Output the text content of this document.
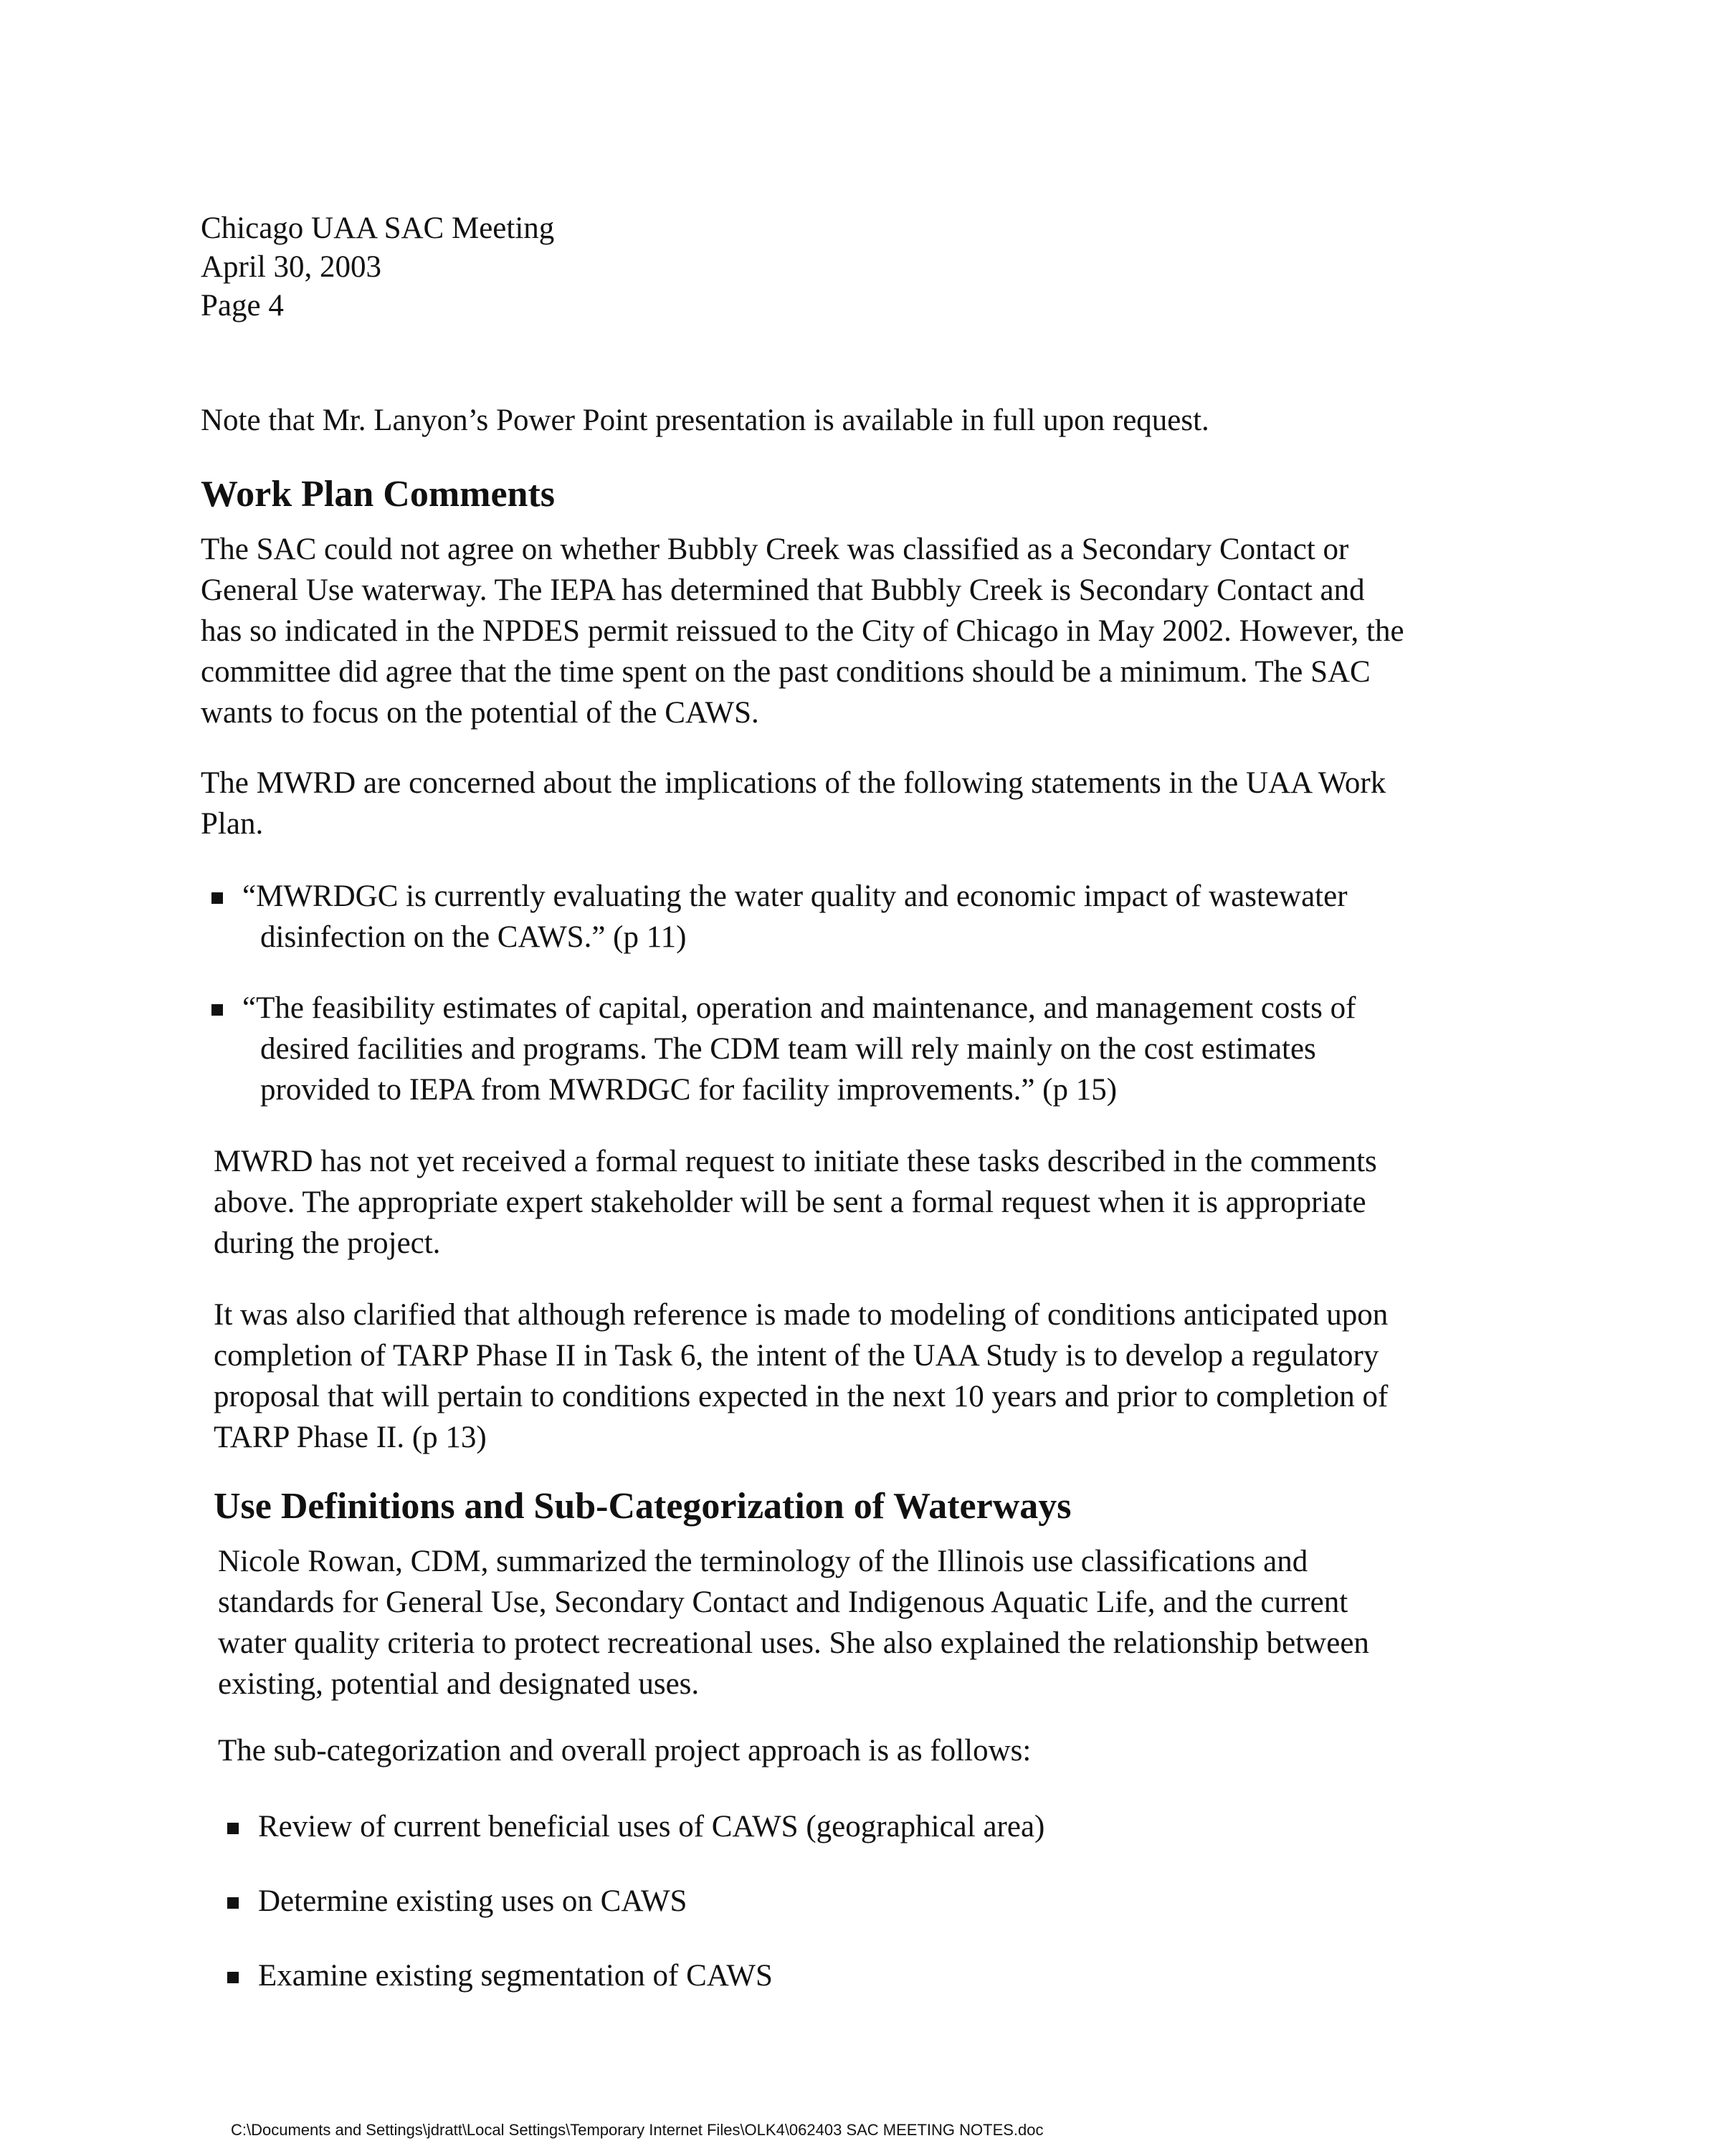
Chicago UAA SAC Meeting
April 30, 2003
Page 4
Note that Mr. Lanyon’s Power Point presentation is available in full upon request.
Work Plan Comments
The SAC could not agree on whether Bubbly Creek was classified as a Secondary Contact or
General Use waterway. The IEPA has determined that Bubbly Creek is Secondary Contact and
has so indicated in the NPDES permit reissued to the City of Chicago in May 2002. However, the
committee did agree that the time spent on the past conditions should be a minimum. The SAC
wants to focus on the potential of the CAWS.
The MWRD are concerned about the implications of the following statements in the UAA Work
Plan.
“MWRDGC is currently evaluating the water quality and economic impact of wastewater
disinfection on the CAWS.” (p 11)
“The feasibility estimates of capital, operation and maintenance, and management costs of
desired facilities and programs. The CDM team will rely mainly on the cost estimates
provided to IEPA from MWRDGC for facility improvements.” (p 15)
MWRD has not yet received a formal request to initiate these tasks described in the comments
above. The appropriate expert stakeholder will be sent a formal request when it is appropriate
during the project.
It was also clarified that although reference is made to modeling of conditions anticipated upon
completion of TARP Phase II in Task 6, the intent of the UAA Study is to develop a regulatory
proposal that will pertain to conditions expected in the next 10 years and prior to completion of
TARP Phase II. (p 13)
Use Definitions and Sub-Categorization of Waterways
Nicole Rowan, CDM, summarized the terminology of the Illinois use classifications and
standards for General Use, Secondary Contact and Indigenous Aquatic Life, and the current
water quality criteria to protect recreational uses. She also explained the relationship between
existing, potential and designated uses.
The sub-categorization and overall project approach is as follows:
Review of current beneficial uses of CAWS (geographical area)
Determine existing uses on CAWS
Examine existing segmentation of CAWS
C:\Documents and Settings\jdratt\Local Settings\Temporary Internet Files\OLK4\062403 SAC MEETING NOTES.doc
